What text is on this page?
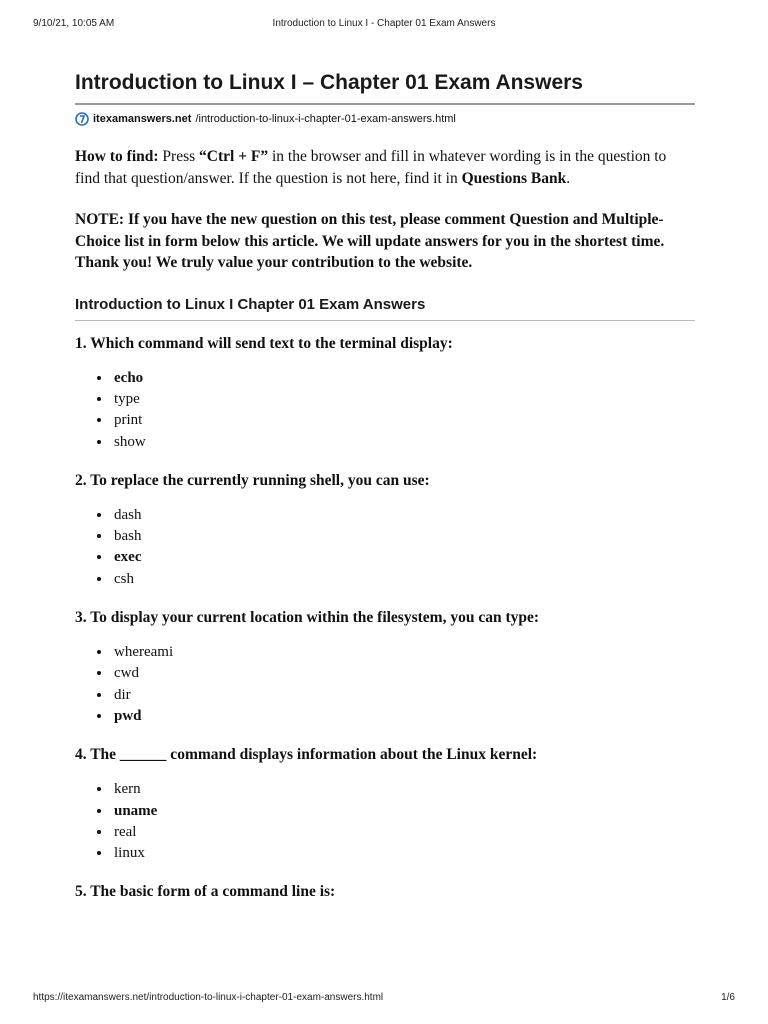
9/10/21, 10:05 AM	Introduction to Linux I - Chapter 01 Exam Answers
Introduction to Linux I – Chapter 01 Exam Answers
itexamanswers.net /introduction-to-linux-i-chapter-01-exam-answers.html

How to find: Press “Ctrl + F” in the browser and fill in whatever wording is in the question to find that question/answer. If the question is not here, find it in Questions Bank.

NOTE: If you have the new question on this test, please comment Question and Multiple-Choice list in form below this article. We will update answers for you in the shortest time. Thank you! We truly value your contribution to the website.

Introduction to Linux I Chapter 01 Exam Answers

1. Which command will send text to the terminal display:

• echo
• type
• print
• show

2. To replace the currently running shell, you can use:

• dash
• bash
• exec
• csh

3. To display your current location within the filesystem, you can type:

• whereami
• cwd
• dir
• pwd

4. The ______ command displays information about the Linux kernel:

• kern
• uname
• real
• linux

5. The basic form of a command line is:

https://itexamanswers.net/introduction-to-linux-i-chapter-01-exam-answers.html	1/6
